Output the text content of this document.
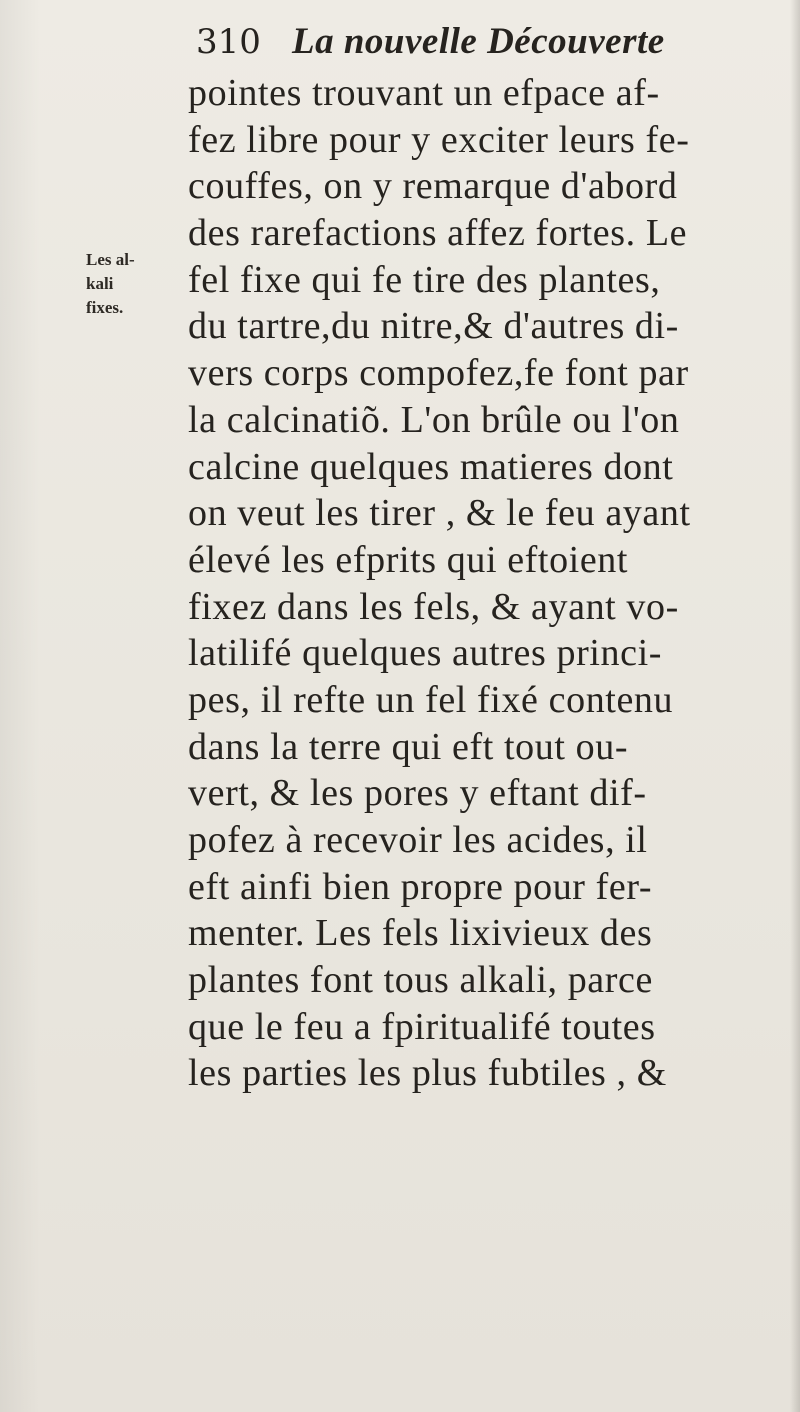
310 La nouvelle Découverte
Les al-
kali
fixes.
pointes trouvant un efpace af-
fez libre pour y exciter leurs fe-
couffes, on y remarque d'abord
des rarefactions affez fortes. Le
fel fixe qui fe tire des plantes,
du tartre,du nitre,& d'autres di-
vers corps compofez,fe font par
la calcinatiõ. L'on brûle ou l'on
calcine quelques matieres dont
on veut les tirer , & le feu ayant
élevé les efprits qui eftoient
fixez dans les fels, & ayant vo-
latilifé quelques autres princi-
pes, il refte un fel fixé contenu
dans la terre qui eft tout ou-
vert, & les pores y eftant dif-
pofez à recevoir les acides, il
eft ainfi bien propre pour fer-
menter. Les fels lixivieux des
plantes font tous alkali, parce
que le feu a fpiritualifé toutes
les parties les plus fubtiles , &
